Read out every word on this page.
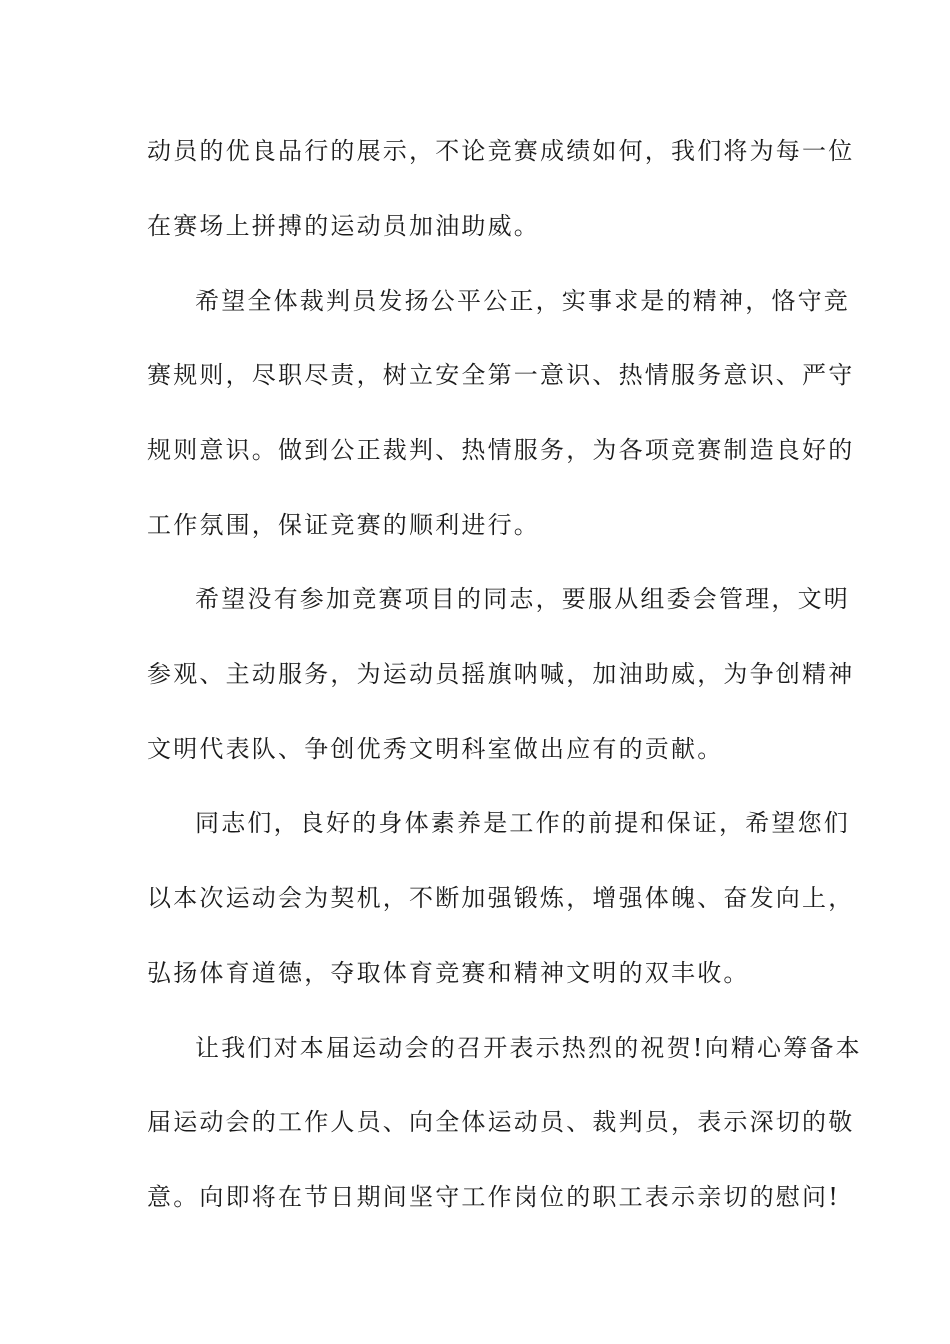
动员的优良品行的展示，不论竞赛成绩如何，我们将为每一位
在赛场上拼搏的运动员加油助威。
希望全体裁判员发扬公平公正，实事求是的精神，恪守竞
赛规则，尽职尽责，树立安全第一意识、热情服务意识、严守
规则意识。做到公正裁判、热情服务，为各项竞赛制造良好的
工作氛围，保证竞赛的顺利进行。
希望没有参加竞赛项目的同志，要服从组委会管理，文明
参观、主动服务，为运动员摇旗呐喊，加油助威，为争创精神
文明代表队、争创优秀文明科室做出应有的贡献。
同志们，良好的身体素养是工作的前提和保证，希望您们
以本次运动会为契机，不断加强锻炼，增强体魄、奋发向上，
弘扬体育道德，夺取体育竞赛和精神文明的双丰收。
让我们对本届运动会的召开表示热烈的祝贺!向精心筹备本
届运动会的工作人员、向全体运动员、裁判员，表示深切的敬
意。向即将在节日期间坚守工作岗位的职工表示亲切的慰问!
